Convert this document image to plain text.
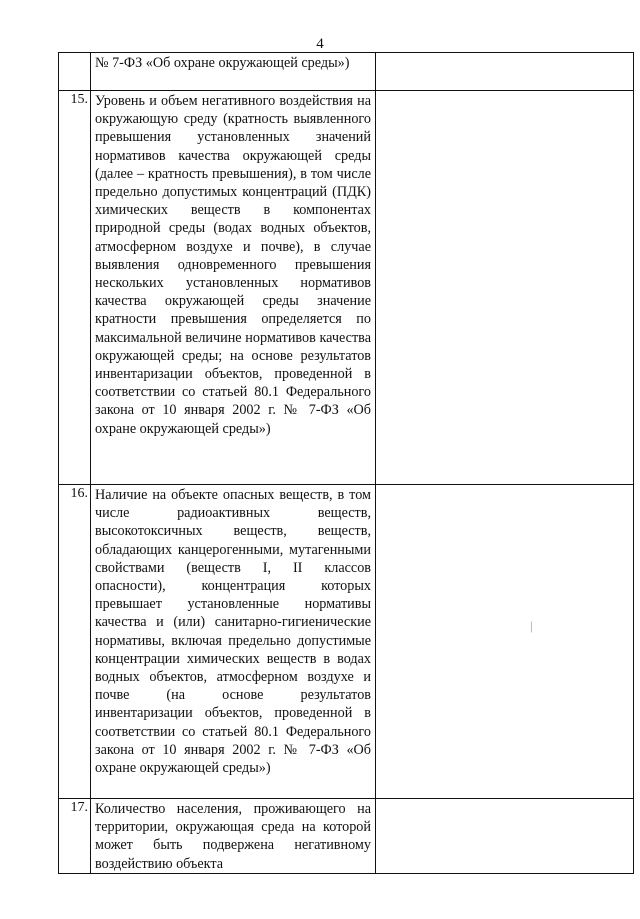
4

	№ 7-ФЗ «Об охране окружающей среды»)	

15.	Уровень и объем негативного воздействия на окружающую среду (кратность выявленного превышения установленных значений нормативов качества окружающей среды (далее – кратность превышения), в том числе предельно допустимых концентраций (ПДК) химических веществ в компонентах природной среды (водах водных объектов, атмосферном воздухе и почве), в случае выявления одновременного превышения нескольких установленных нормативов качества окружающей среды значение кратности превышения определяется по максимальной величине нормативов качества окружающей среды; на основе результатов инвентаризации объектов, проведенной в соответствии со статьей 80.1 Федерального закона от 10 января 2002 г. № 7-ФЗ «Об охране окружающей среды»)	

16.	Наличие на объекте опасных веществ, в том числе радиоактивных веществ, высокотоксичных веществ, веществ, обладающих канцерогенными, мутагенными свойствами (веществ I, II классов опасности), концентрация которых превышает установленные нормативы качества и (или) санитарно-гигиенические нормативы, включая предельно допустимые концентрации химических веществ в водах водных объектов, атмосферном воздухе и почве (на основе результатов инвентаризации объектов, проведенной в соответствии со статьей 80.1 Федерального закона от 10 января 2002 г. № 7-ФЗ «Об охране окружающей среды»)	

17.	Количество населения, проживающего на территории, окружающая среда на которой может быть подвержена негативному воздействию объекта	

|
